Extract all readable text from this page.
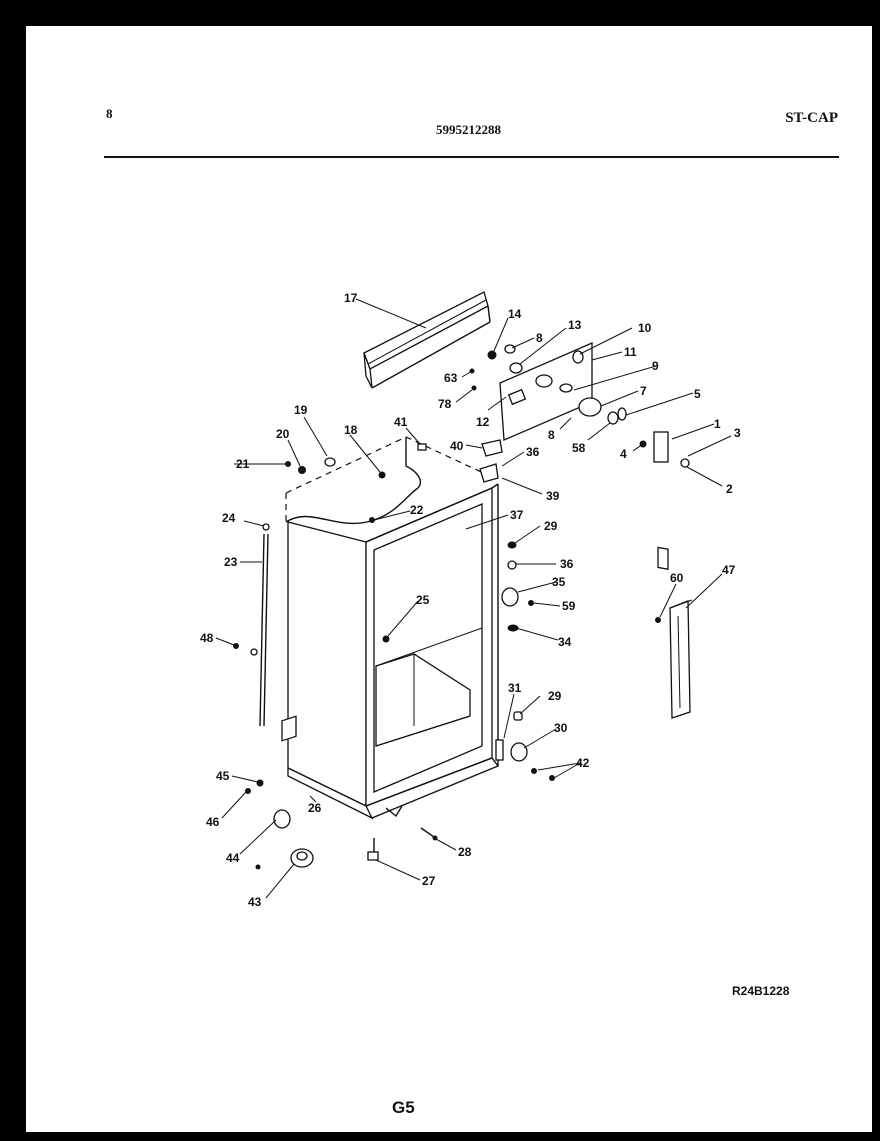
8
5995212288
ST-CAP
17
14
8
13	10
11
9
63
78
12
7	5
8
58
1
3
4
2
19
20	18
41
40	36
21
39
24
22	37
29
23	36
35
59
25
60
47
48	34
31
29
30
42
45
26
46
44	28
27
43
R24B1228
G5
